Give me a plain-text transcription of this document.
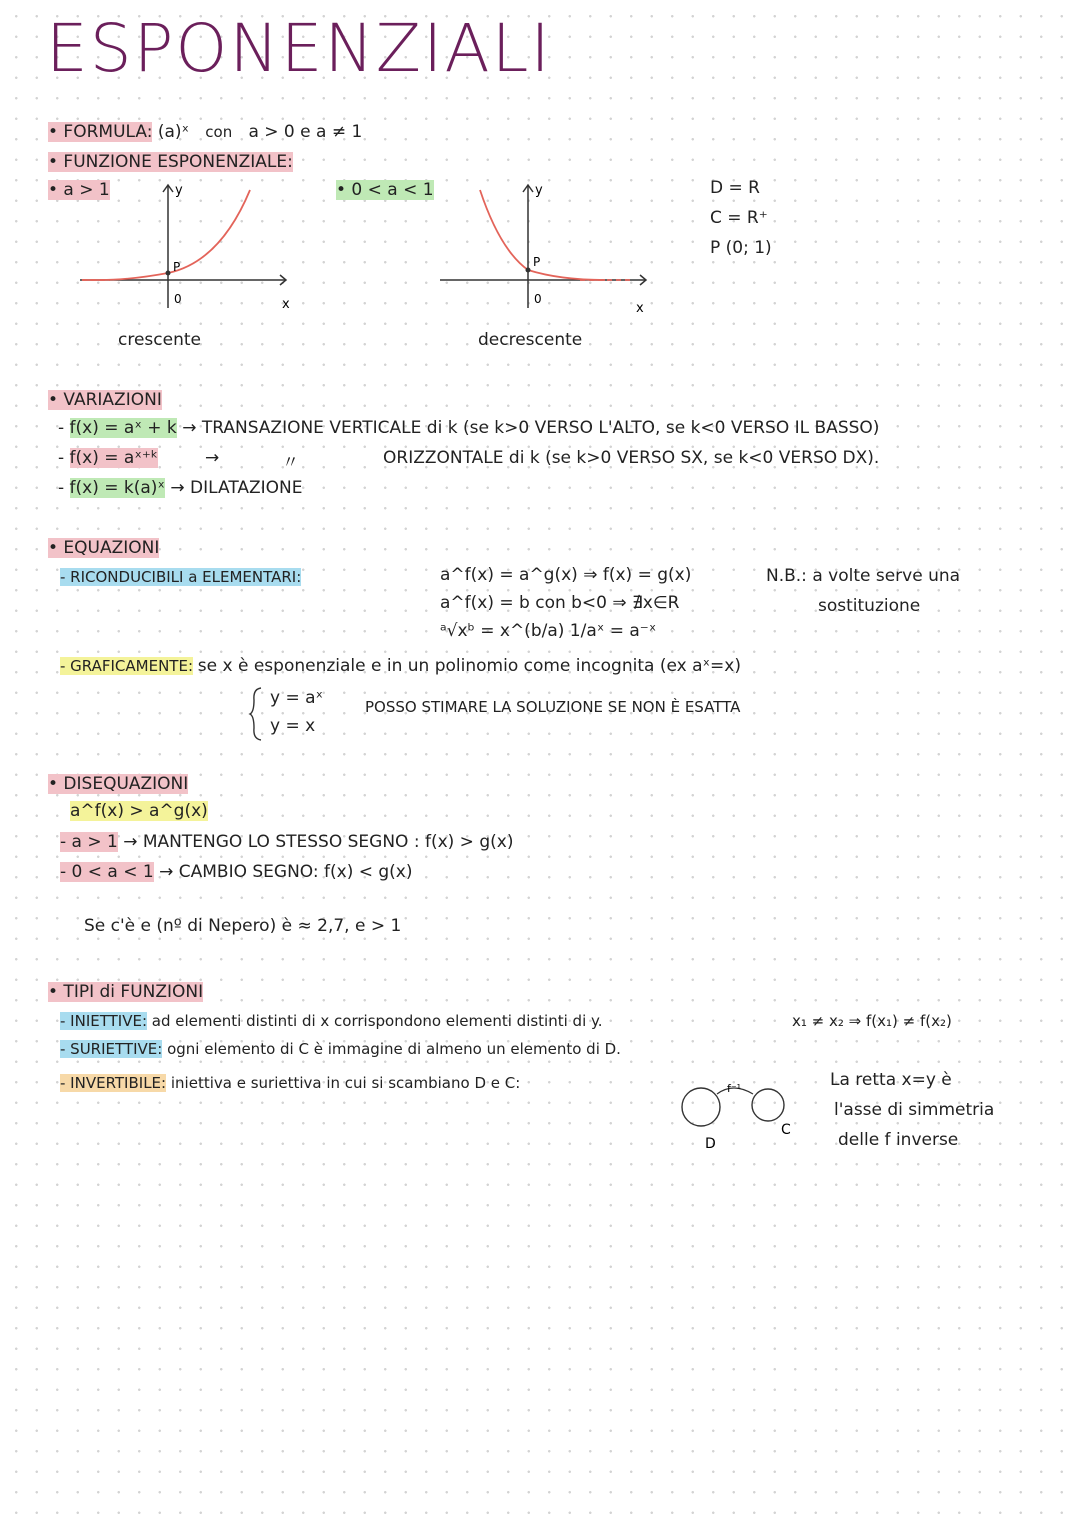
ESPONENZIALI
• FORMULA: (a)ˣ con a > 0 e a ≠ 1
• FUNZIONE ESPONENZIALE:
• a > 1	• 0 < a < 1
P
0
y
x
crescente
P
0
y
x
decrescente
D = R
C = R⁺
P (0; 1)
• VARIAZIONI
- f(x) = aˣ + k → TRANSAZIONE VERTICALE di k (se k>0 VERSO L'ALTO, se k<0 VERSO IL BASSO)
- f(x) = aˣ⁺ᵏ	→	〃	ORIZZONTALE di k (se k>0 VERSO SX, se k<0 VERSO DX).
- f(x) = k(a)ˣ → DILATAZIONE
• EQUAZIONI
- RICONDUCIBILI a ELEMENTARI:	a^f(x) = a^g(x) ⇒ f(x) = g(x)
a^f(x) = b con b<0 ⇒ ∄x∈R
ᵃ√xᵇ = x^(b/a) 1/aˣ = a⁻ˣ
N.B.: a volte serve una
sostituzione
- GRAFICAMENTE: se x è esponenziale e in un polinomio come incognita (ex aˣ=x)
y = aˣ
y = x
POSSO STIMARE LA SOLUZIONE SE NON È ESATTA
• DISEQUAZIONI
a^f(x) > a^g(x)
- a > 1 → MANTENGO LO STESSO SEGNO : f(x) > g(x)
- 0 < a < 1 → CAMBIO SEGNO: f(x) < g(x)
Se c'è e (nº di Nepero) è ≈ 2,7, e > 1
• TIPI di FUNZIONI
- INIETTIVE: ad elementi distinti di x corrispondono elementi distinti di y.	x₁ ≠ x₂ ⇒ f(x₁) ≠ f(x₂)
- SURIETTIVE: ogni elemento di C è immagine di almeno un elemento di D.
- INVERTIBILE: iniettiva e suriettiva in cui si scambiano D e C:	f⁻¹
D
C
La retta x=y è
l'asse di simmetria
delle f inverse
